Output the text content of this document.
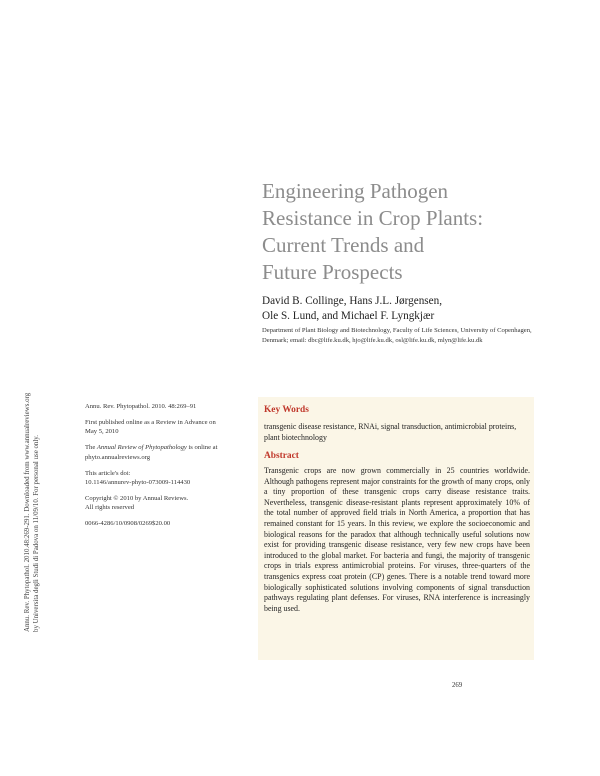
Annu. Rev. Phytopathol. 2010.48:269-291. Downloaded from www.annualreviews.org by Universita degli Studi di Padova on 11/09/10. For personal use only.
Engineering Pathogen
Resistance in Crop Plants:
Current Trends and
Future Prospects
David B. Collinge, Hans J.L. Jørgensen,
Ole S. Lund, and Michael F. Lyngkjær
Department of Plant Biology and Biotechnology, Faculty of Life Sciences, University of Copenhagen, Denmark; email: dbc@life.ku.dk, hjo@life.ku.dk, osl@life.ku.dk, mlyn@life.ku.dk
Annu. Rev. Phytopathol. 2010. 48:269–91
First published online as a Review in Advance on
May 5, 2010
The Annual Review of Phytopathology is online at
phyto.annualreviews.org
This article's doi:
10.1146/annurev-phyto-073009-114430
Copyright © 2010 by Annual Reviews.
All rights reserved
0066-4286/10/0908/0269$20.00
Key Words
transgenic disease resistance, RNAi, signal transduction, antimicrobial proteins, plant biotechnology
Abstract
Transgenic crops are now grown commercially in 25 countries worldwide. Although pathogens represent major constraints for the growth of many crops, only a tiny proportion of these transgenic crops carry disease resistance traits. Nevertheless, transgenic disease-resistant plants represent approximately 10% of the total number of approved field trials in North America, a proportion that has remained constant for 15 years. In this review, we explore the socioeconomic and biological reasons for the paradox that although technically useful solutions now exist for providing transgenic disease resistance, very few new crops have been introduced to the global market. For bacteria and fungi, the majority of transgenic crops in trials express antimicrobial proteins. For viruses, three-quarters of the transgenics express coat protein (CP) genes. There is a notable trend toward more biologically sophisticated solutions involving components of signal transduction pathways regulating plant defenses. For viruses, RNA interference is increasingly being used.
269
